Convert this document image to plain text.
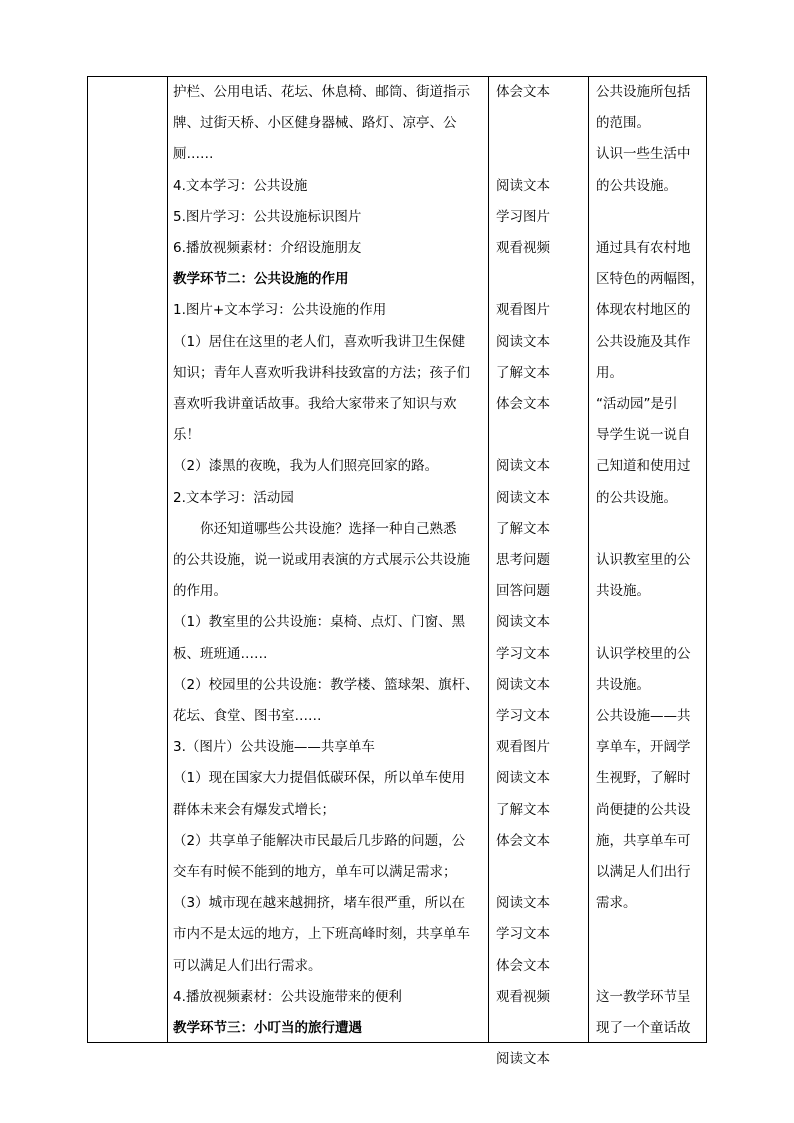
护栏、公用电话、花坛、休息椅、邮筒、街道指示
牌、过街天桥、小区健身器械、路灯、凉亭、公
厕……
4.文本学习：公共设施
5.图片学习：公共设施标识图片
6.播放视频素材：介绍设施朋友
教学环节二：公共设施的作用
1.图片+文本学习：公共设施的作用
（1）居住在这里的老人们，喜欢听我讲卫生保健
知识；青年人喜欢听我讲科技致富的方法；孩子们
喜欢听我讲童话故事。我给大家带来了知识与欢
乐！
（2）漆黑的夜晚，我为人们照亮回家的路。
2.文本学习：活动园
　　你还知道哪些公共设施？选择一种自己熟悉
的公共设施，说一说或用表演的方式展示公共设施
的作用。
（1）教室里的公共设施：桌椅、点灯、门窗、黑
板、班班通……
（2）校园里的公共设施：教学楼、篮球架、旗杆、
花坛、食堂、图书室……
3.（图片）公共设施——共享单车
（1）现在国家大力提倡低碳环保，所以单车使用
群体未来会有爆发式增长；
（2）共享单子能解决市民最后几步路的问题，公
交车有时候不能到的地方，单车可以满足需求；
（3）城市现在越来越拥挤，堵车很严重，所以在
市内不是太远的地方，上下班高峰时刻，共享单车
可以满足人们出行需求。
4.播放视频素材：公共设施带来的便利
教学环节三：小叮当的旅行遭遇
体会文本
阅读文本
学习图片
观看视频
观看图片
阅读文本
了解文本
体会文本
阅读文本
阅读文本
了解文本
思考问题
回答问题
阅读文本
学习文本
阅读文本
学习文本
观看图片
阅读文本
了解文本
体会文本
阅读文本
学习文本
体会文本
观看视频
阅读文本
公共设施所包括
的范围。
认识一些生活中
的公共设施。
通过具有农村地
区特色的两幅图，
体现农村地区的
公共设施及其作
用。
“活动园”是引
导学生说一说自
己知道和使用过
的公共设施。
认识教室里的公
共设施。
认识学校里的公
共设施。
公共设施——共
享单车，开阔学
生视野，了解时
尚便捷的公共设
施，共享单车可
以满足人们出行
需求。
这一教学环节呈
现了一个童话故
